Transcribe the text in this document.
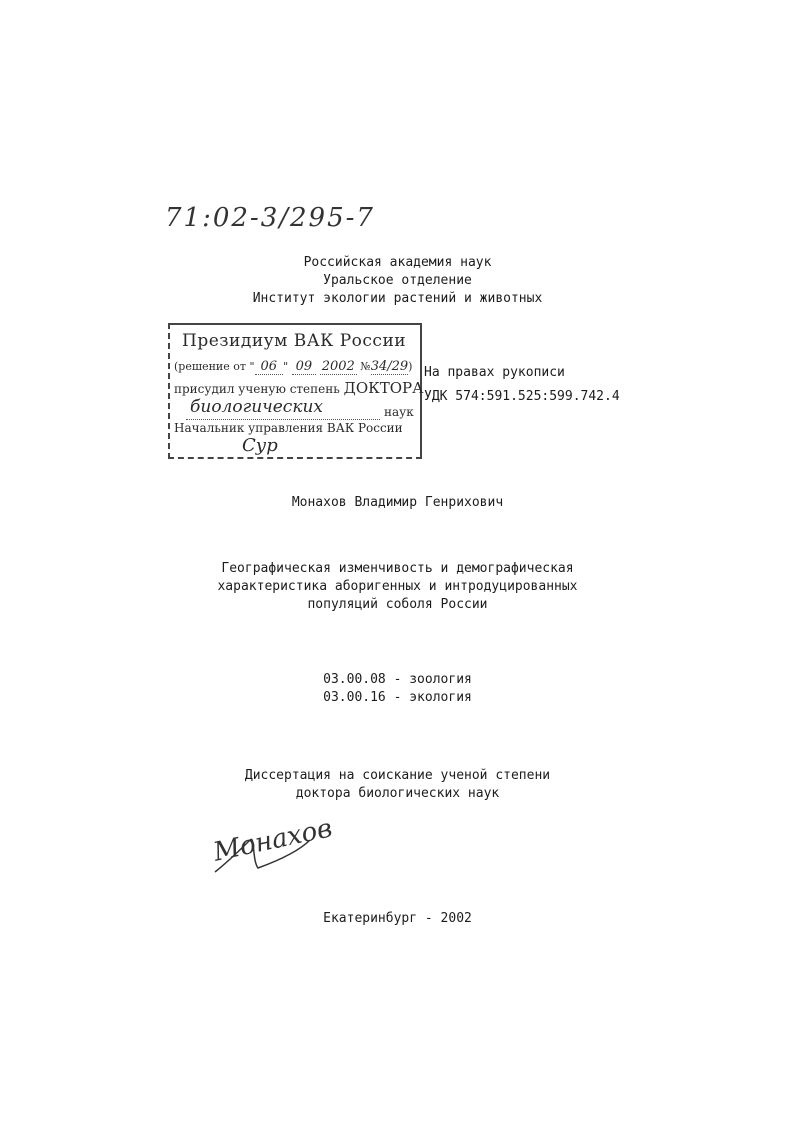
71:02-3/295-7
Российская академия наук
Уральское отделение
Институт экологии растений и животных
Президиум ВАК России
(решение от " 06 " 09 2002 №34/29)
присудил ученую степень ДОКТОРА
биологических	наук
Начальник управления ВАК России
Сур
На правах рукописи
УДК 574:591.525:599.742.4
Монахов Владимир Генрихович
Географическая изменчивость и демографическая
характеристика аборигенных и интродуцированных
популяций соболя России
03.00.08 - зоология
03.00.16 - экология
Диссертация на соискание ученой степени
доктора биологических наук
Монахов
Екатеринбург - 2002
